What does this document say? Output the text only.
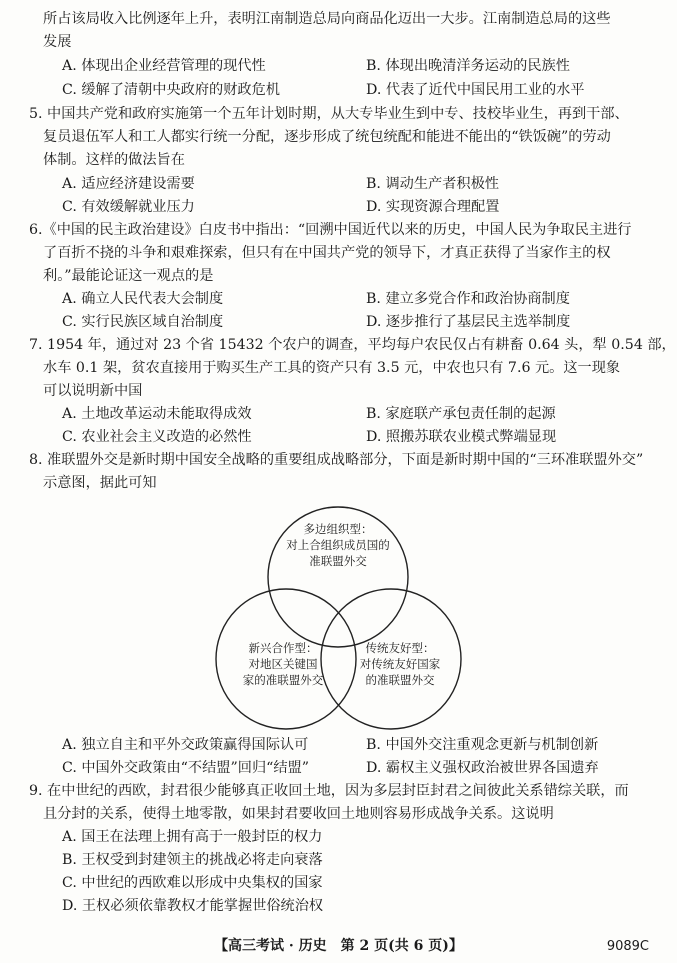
所占该局收入比例逐年上升，表明江南制造总局向商品化迈出一大步。江南制造总局的这些
发展
A. 体现出企业经营管理的现代性	B. 体现出晚清洋务运动的民族性
C. 缓解了清朝中央政府的财政危机	D. 代表了近代中国民用工业的水平
5. 中国共产党和政府实施第一个五年计划时期，从大专毕业生到中专、技校毕业生，再到干部、
复员退伍军人和工人都实行统一分配，逐步形成了统包统配和能进不能出的“铁饭碗”的劳动
体制。这样的做法旨在
A. 适应经济建设需要	B. 调动生产者积极性
C. 有效缓解就业压力	D. 实现资源合理配置
6.《中国的民主政治建设》白皮书中指出：“回溯中国近代以来的历史，中国人民为争取民主进行
了百折不挠的斗争和艰难探索，但只有在中国共产党的领导下，才真正获得了当家作主的权
利。”最能论证这一观点的是
A. 确立人民代表大会制度	B. 建立多党合作和政治协商制度
C. 实行民族区域自治制度	D. 逐步推行了基层民主选举制度
7. 1954 年，通过对 23 个省 15432 个农户的调查，平均每户农民仅占有耕畜 0.64 头，犁 0.54 部，
水车 0.1 架，贫农直接用于购买生产工具的资产只有 3.5 元，中农也只有 7.6 元。这一现象
可以说明新中国
A. 土地改革运动未能取得成效	B. 家庭联产承包责任制的起源
C. 农业社会主义改造的必然性	D. 照搬苏联农业模式弊端显现
8. 准联盟外交是新时期中国安全战略的重要组成战略部分，下面是新时期中国的“三环准联盟外交”
示意图，据此可知
多边组织型：
对上合组织成员国的
准联盟外交
新兴合作型：
对地区关键国
家的准联盟外交
传统友好型：
对传统友好国家
的准联盟外交
A. 独立自主和平外交政策赢得国际认可	B. 中国外交注重观念更新与机制创新
C. 中国外交政策由“不结盟”回归“结盟”	D. 霸权主义强权政治被世界各国遗弃
9. 在中世纪的西欧，封君很少能够真正收回土地，因为多层封臣封君之间彼此关系错综关联，而
且分封的关系，使得土地零散，如果封君要收回土地则容易形成战争关系。这说明
A. 国王在法理上拥有高于一般封臣的权力
B. 王权受到封建领主的挑战必将走向衰落
C. 中世纪的西欧难以形成中央集权的国家
D. 王权必须依靠教权才能掌握世俗统治权
【高三考试 · 历史　第 2 页(共 6 页)】	9089C
